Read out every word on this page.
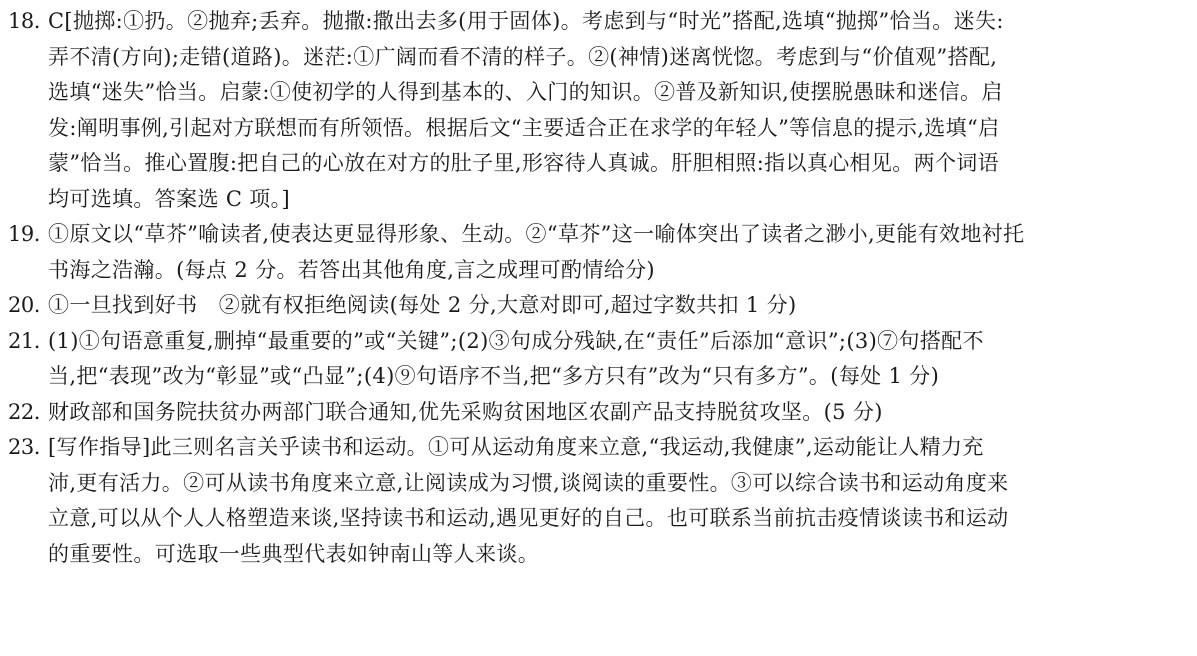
18. C[抛掷:①扔。②抛弃;丢弃。抛撒:撒出去多(用于固体)。考虑到与“时光”搭配,选填“抛掷”恰当。迷失:
弄不清(方向);走错(道路)。迷茫:①广阔而看不清的样子。②(神情)迷离恍惚。考虑到与“价值观”搭配,
选填“迷失”恰当。启蒙:①使初学的人得到基本的、入门的知识。②普及新知识,使摆脱愚昧和迷信。启
发:阐明事例,引起对方联想而有所领悟。根据后文“主要适合正在求学的年轻人”等信息的提示,选填“启
蒙”恰当。推心置腹:把自己的心放在对方的肚子里,形容待人真诚。肝胆相照:指以真心相见。两个词语
均可选填。答案选 C 项。]
19. ①原文以“草芥”喻读者,使表达更显得形象、生动。②“草芥”这一喻体突出了读者之渺小,更能有效地衬托
书海之浩瀚。(每点 2 分。若答出其他角度,言之成理可酌情给分)
20. ①一旦找到好书　②就有权拒绝阅读(每处 2 分,大意对即可,超过字数共扣 1 分)
21. (1)①句语意重复,删掉“最重要的”或“关键”;(2)③句成分残缺,在“责任”后添加“意识”;(3)⑦句搭配不
当,把“表现”改为“彰显”或“凸显”;(4)⑨句语序不当,把“多方只有”改为“只有多方”。(每处 1 分)
22. 财政部和国务院扶贫办两部门联合通知,优先采购贫困地区农副产品支持脱贫攻坚。(5 分)
23. [写作指导]此三则名言关乎读书和运动。①可从运动角度来立意,“我运动,我健康”,运动能让人精力充
沛,更有活力。②可从读书角度来立意,让阅读成为习惯,谈阅读的重要性。③可以综合读书和运动角度来
立意,可以从个人人格塑造来谈,坚持读书和运动,遇见更好的自己。也可联系当前抗击疫情谈读书和运动
的重要性。可选取一些典型代表如钟南山等人来谈。
